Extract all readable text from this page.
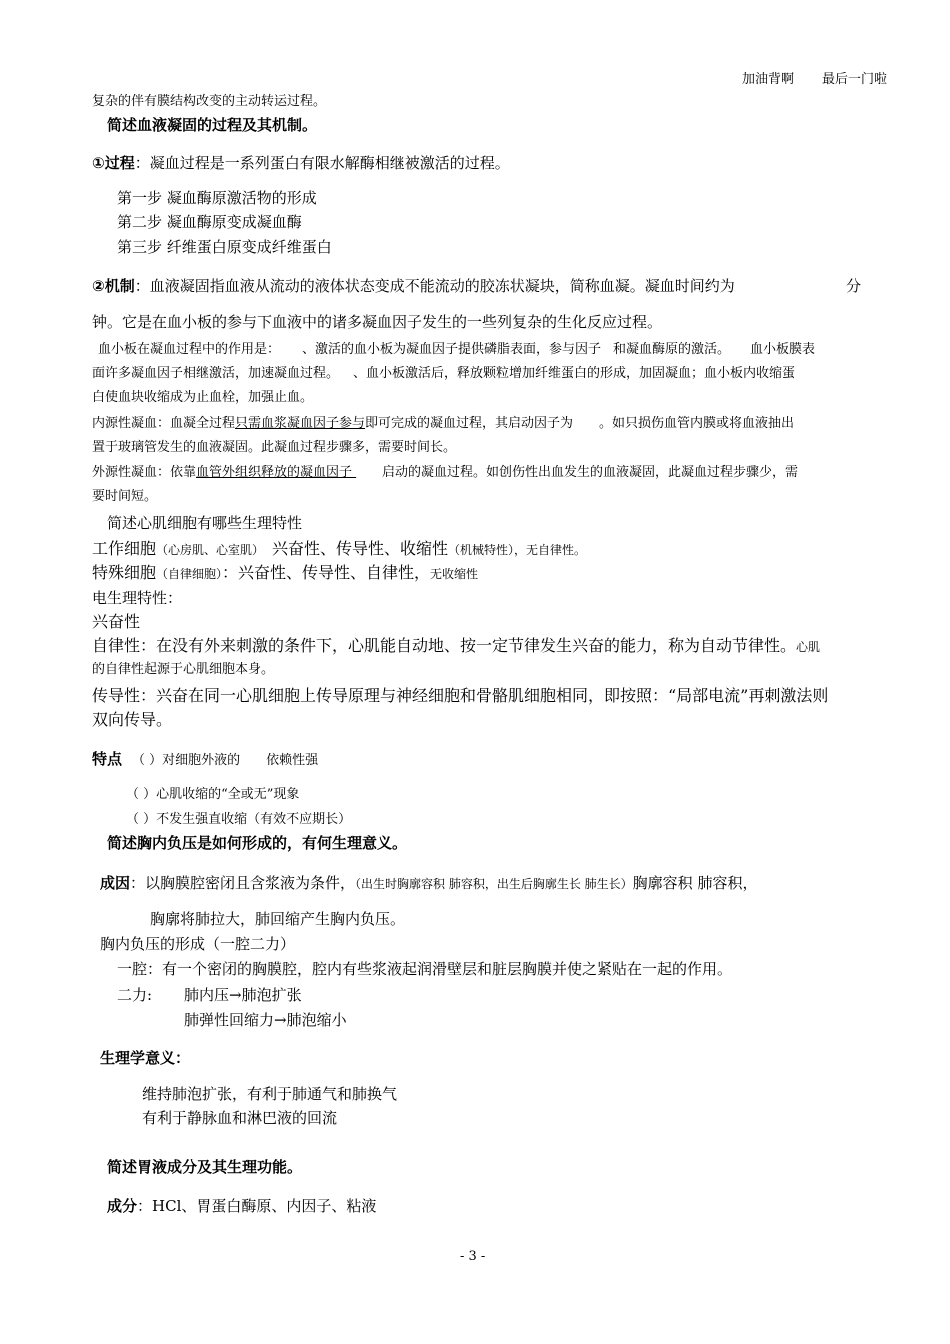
加油背啊 最后一门啦
复杂的伴有膜结构改变的主动转运过程。
简述血液凝固的过程及其机制。
①过程：凝血过程是一系列蛋白有限水解酶相继被激活的过程。
第一步 凝血酶原激活物的形成
第二步 凝血酶原变成凝血酶
第三步 纤维蛋白原变成纤维蛋白
②机制：血液凝固指血液从流动的液体状态变成不能流动的胶冻状凝块，简称血凝。凝血时间约为	分
钟。它是在血小板的参与下血液中的诸多凝血因子发生的一些列复杂的生化反应过程。
血小板在凝血过程中的作用是： 、激活的血小板为凝血因子提供磷脂表面，参与因子 和凝血酶原的激活。 血小板膜表
面许多凝血因子相继激活，加速凝血过程。 、血小板激活后，释放颗粒增加纤维蛋白的形成，加固凝血；血小板内收缩蛋
白使血块收缩成为止血栓，加强止血。
内源性凝血：血凝全过程只需血浆凝血因子参与即可完成的凝血过程，其启动因子为 。如只损伤血管内膜或将血液抽出
置于玻璃管发生的血液凝固。此凝血过程步骤多，需要时间长。
外源性凝血：依靠血管外组织释放的凝血因子 启动的凝血过程。如创伤性出血发生的血液凝固，此凝血过程步骤少，需
要时间短。
简述心肌细胞有哪些生理特性
工作细胞（心房肌、心室肌） 兴奋性、传导性、收缩性（机械特性），无自律性。
特殊细胞（自律细胞）：兴奋性、传导性、自律性，无收缩性
电生理特性：
兴奋性
自律性：在没有外来刺激的条件下，心肌能自动地、按一定节律发生兴奋的能力，称为自动节律性。心肌
的自律性起源于心肌细胞本身。
传导性：兴奋在同一心肌细胞上传导原理与神经细胞和骨骼肌细胞相同，即按照：“局部电流”再刺激法则
双向传导。
特点 （ ）对细胞外液的 依赖性强
（ ）心肌收缩的“全或无”现象
（ ）不发生强直收缩（有效不应期长）
简述胸内负压是如何形成的，有何生理意义。
成因：以胸膜腔密闭且含浆液为条件，（出生时胸廓容积 肺容积，出生后胸廓生长 肺生长）胸廓容积 肺容积，
胸廓将肺拉大，肺回缩产生胸内负压。
胸内负压的形成（一腔二力）
一腔：有一个密闭的胸膜腔，腔内有些浆液起润滑壁层和脏层胸膜并使之紧贴在一起的作用。
二力: 肺内压→肺泡扩张
肺弹性回缩力→肺泡缩小
生理学意义：
维持肺泡扩张，有利于肺通气和肺换气
有利于静脉血和淋巴液的回流
简述胃液成分及其生理功能。
成分：HCl、胃蛋白酶原、内因子、粘液
- 3 -
